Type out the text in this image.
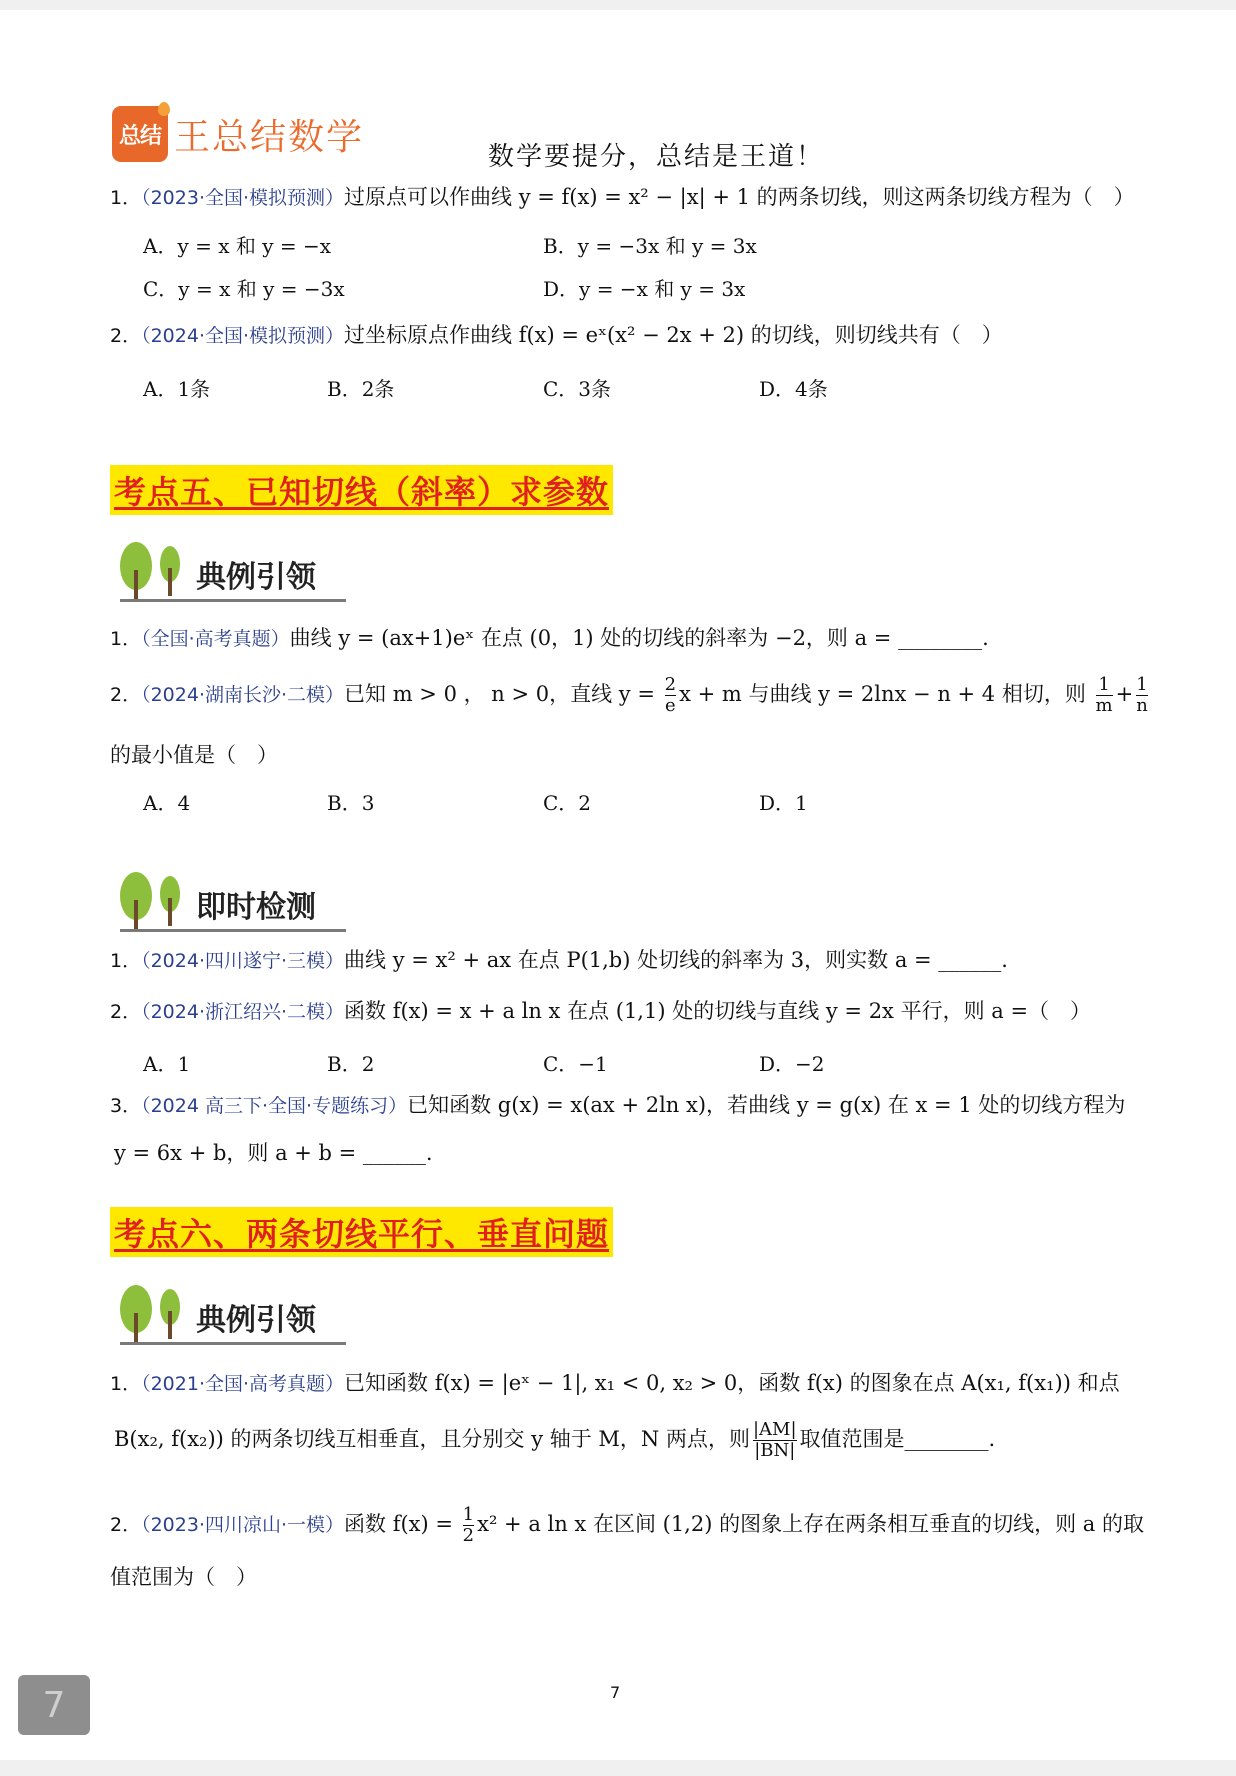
总结 王总结数学	数学要提分，总结是王道！
1．（2023·全国·模拟预测）过原点可以作曲线 y = f(x) = x² − |x| + 1 的两条切线，则这两条切线方程为（　）
A．y = x 和 y = −x	B．y = −3x 和 y = 3x
C．y = x 和 y = −3x	D．y = −x 和 y = 3x
2．（2024·全国·模拟预测）过坐标原点作曲线 f(x) = eˣ(x² − 2x + 2) 的切线，则切线共有（　）
A．1条	B．2条	C．3条	D．4条
考点五、已知切线（斜率）求参数
典例引领
1．（全国·高考真题）曲线 y = (ax+1)eˣ 在点 (0，1) 处的切线的斜率为 −2，则 a = ________.
2．（2024·湖南长沙·二模）已知 m > 0 ， n > 0，直线 $y = \frac{2}{e}$ x + m 与曲线 y = 2lnx − n + 4 相切，则 $\frac{1}{m} + \frac{1}{n}$
的最小值是（　）
A．4	B．3	C．2	D．1
即时检测
1．（2024·四川遂宁·三模）曲线 y = x² + ax 在点 P(1,b) 处切线的斜率为 3，则实数 a = ______.
2．（2024·浙江绍兴·二模）函数 f(x) = x + a ln x 在点 (1,1) 处的切线与直线 y = 2x 平行，则 a =（　）
A．1	B．2	C．−1	D．−2
3．（2024 高三下·全国·专题练习）已知函数 g(x) = x(ax + 2ln x)，若曲线 y = g(x) 在 x = 1 处的切线方程为
y = 6x + b，则 a + b = ______.
考点六、两条切线平行、垂直问题
典例引领
1．（2021·全国·高考真题）已知函数 f(x) = |eˣ − 1|, x₁ < 0, x₂ > 0，函数 f(x) 的图象在点 A(x₁, f(x₁)) 和点
B(x₂, f(x₂)) 的两条切线互相垂直，且分别交 y 轴于 M，N 两点，则 $\frac{|AM|}{|BN|}$ 取值范围是________.
2．（2023·四川凉山·一模）函数 $f(x) = \frac{1}{2} x^2 + a$ ln x 在区间 (1,2) 的图象上存在两条相互垂直的切线，则 a 的取
值范围为（　）
7
7
